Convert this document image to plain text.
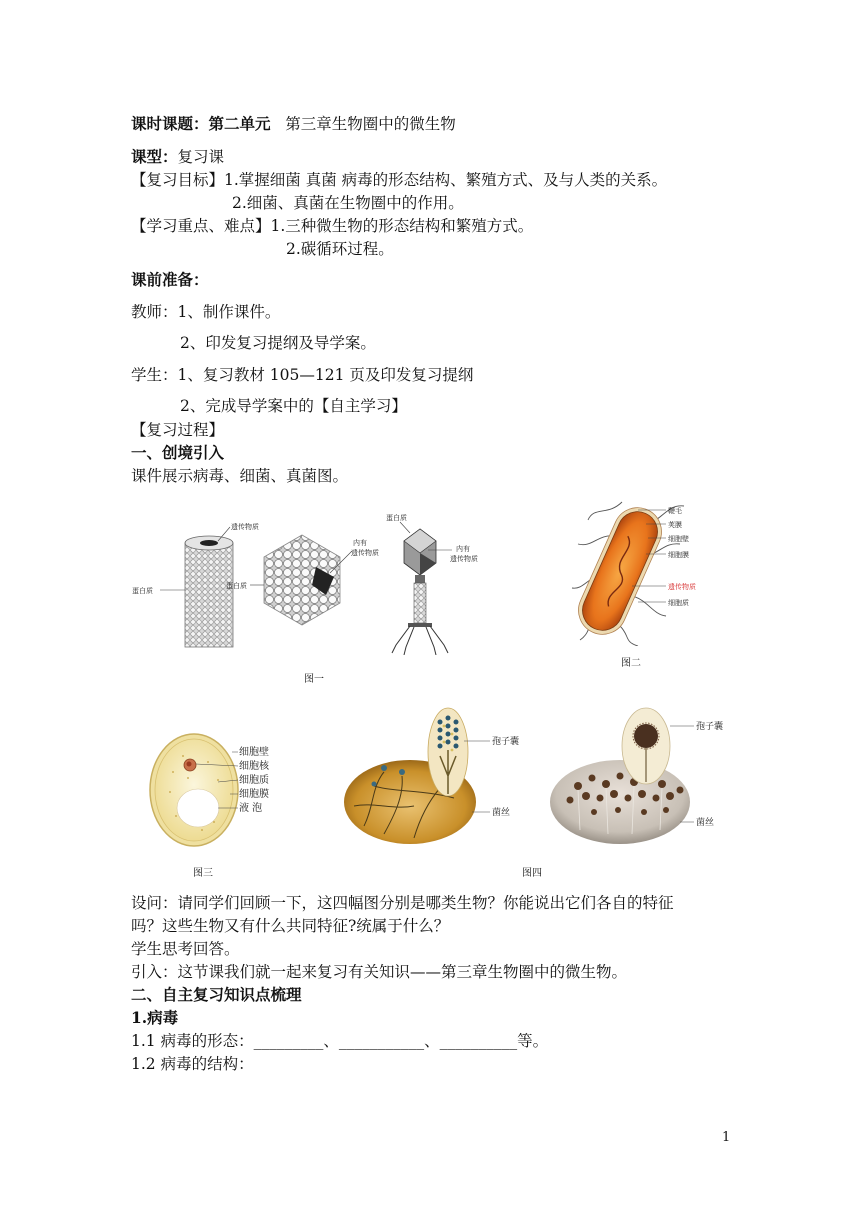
课时课题：第二单元 第三章生物圈中的微生物
课型：复习课
【复习目标】1.掌握细菌 真菌 病毒的形态结构、繁殖方式、及与人类的关系。
2.细菌、真菌在生物圈中的作用。
【学习重点、难点】1.三种微生物的形态结构和繁殖方式。
2.碳循环过程。
课前准备：
教师：1、制作课件。
2、印发复习提纲及导学案。
学生：1、复习教材 105—121 页及印发复习提纲
2、完成导学案中的【自主学习】
【复习过程】
一、创境引入
课件展示病毒、细菌、真菌图。
遗传物质
蛋白质
蛋白质
内有
遗传物质
蛋白质
内有
遗传物质
图一
鞭毛
荚膜
细胞壁
细胞膜
遗传物质
细胞质
图二
细胞壁
细胞核
细胞质
细胞膜
液 泡
图三
孢子囊
菌丝
孢子囊
菌丝
图四
设问：请同学们回顾一下，这四幅图分别是哪类生物？你能说出它们各自的特征
吗？这些生物又有什么共同特征?统属于什么？
学生思考回答。
引入：这节课我们就一起来复习有关知识——第三章生物圈中的微生物。
二、自主复习知识点梳理
1.病毒
1.1 病毒的形态：_________、___________、__________等。
1.2 病毒的结构：
1
